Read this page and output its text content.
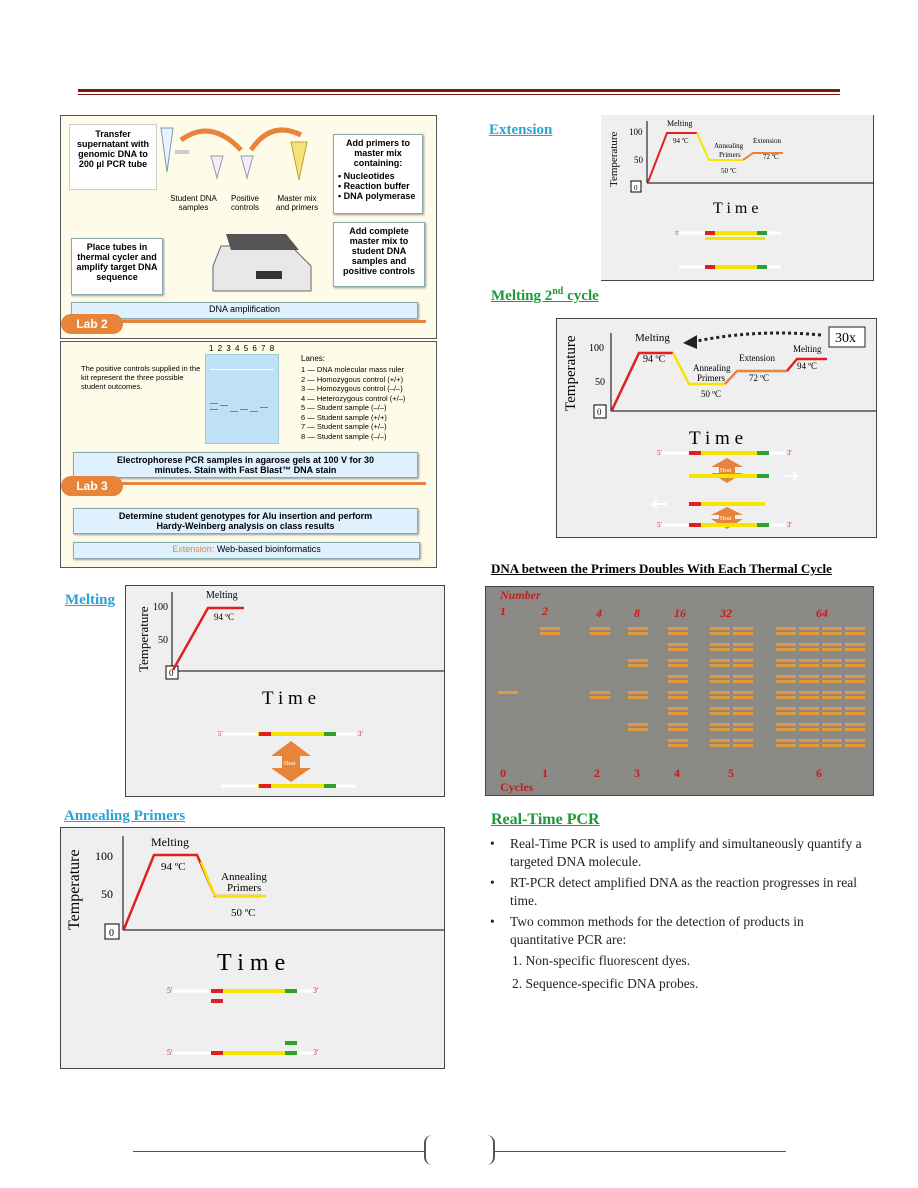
Transfer supernatant with genomic DNA to 200 µl PCR tube
Student DNA samples
Positive controls
Master mix and primers
Add primers to master mix containing:
• Nucleotides
• Reaction buffer
• DNA polymerase
Add complete master mix to student DNA samples and positive controls
Place tubes in thermal cycler and amplify target DNA sequence
DNA amplification
Lab 2
1 2 3 4 5 6 7 8
The positive controls supplied in the kit represent the three possible student outcomes.
Lanes:
1 — DNA molecular mass ruler
2 — Homozygous control (+/+)
3 — Homozygous control (–/–)
4 — Heterozygous control (+/–)
5 — Student sample (–/–)
6 — Student sample (+/+)
7 — Student sample (+/–)
8 — Student sample (–/–)
Electrophorese PCR samples in agarose gels at 100 V for 30 minutes. Stain with Fast Blast™ DNA stain
Lab 3
Determine student genotypes for Alu insertion and perform Hardy-Weinberg analysis on class results
Extension: Web-based bioinformatics
Melting
Temperature 100
50
0
Melting
94 ºC
T i m e
5'	3'
Heat
Annealing Primers
Temperature 100
50
0
Melting
94 ºC
Annealing
Primers
50 ºC
T i m e
5'	3'
5'	3'
Extension
Temperature 100
50
0
Melting
94 ºC
Annealing
Primers
50 ºC
Extension
72 ºC
T i m e
5'
Melting 2nd cycle
Temperature 100
50
0
30x
Melting
94 ºC
Annealing
Primers
50 ºC
Extension
72 ºC
Melting
94 ºC
T i m e
Heat
Heat
5'	3'
5'	3'
DNA between the Primers Doubles With Each Thermal Cycle
Number
Cycles
1	2	4	8	16	32	64
0	1	2	3	4	5	6
Real-Time PCR
• Real-Time PCR is used to amplify and simultaneously quantify a targeted DNA molecule.
• RT-PCR detect amplified DNA as the reaction progresses in real time.
• Two common methods for the detection of products in quantitative PCR are:
1. Non-specific fluorescent dyes.
2. Sequence-specific DNA probes.
